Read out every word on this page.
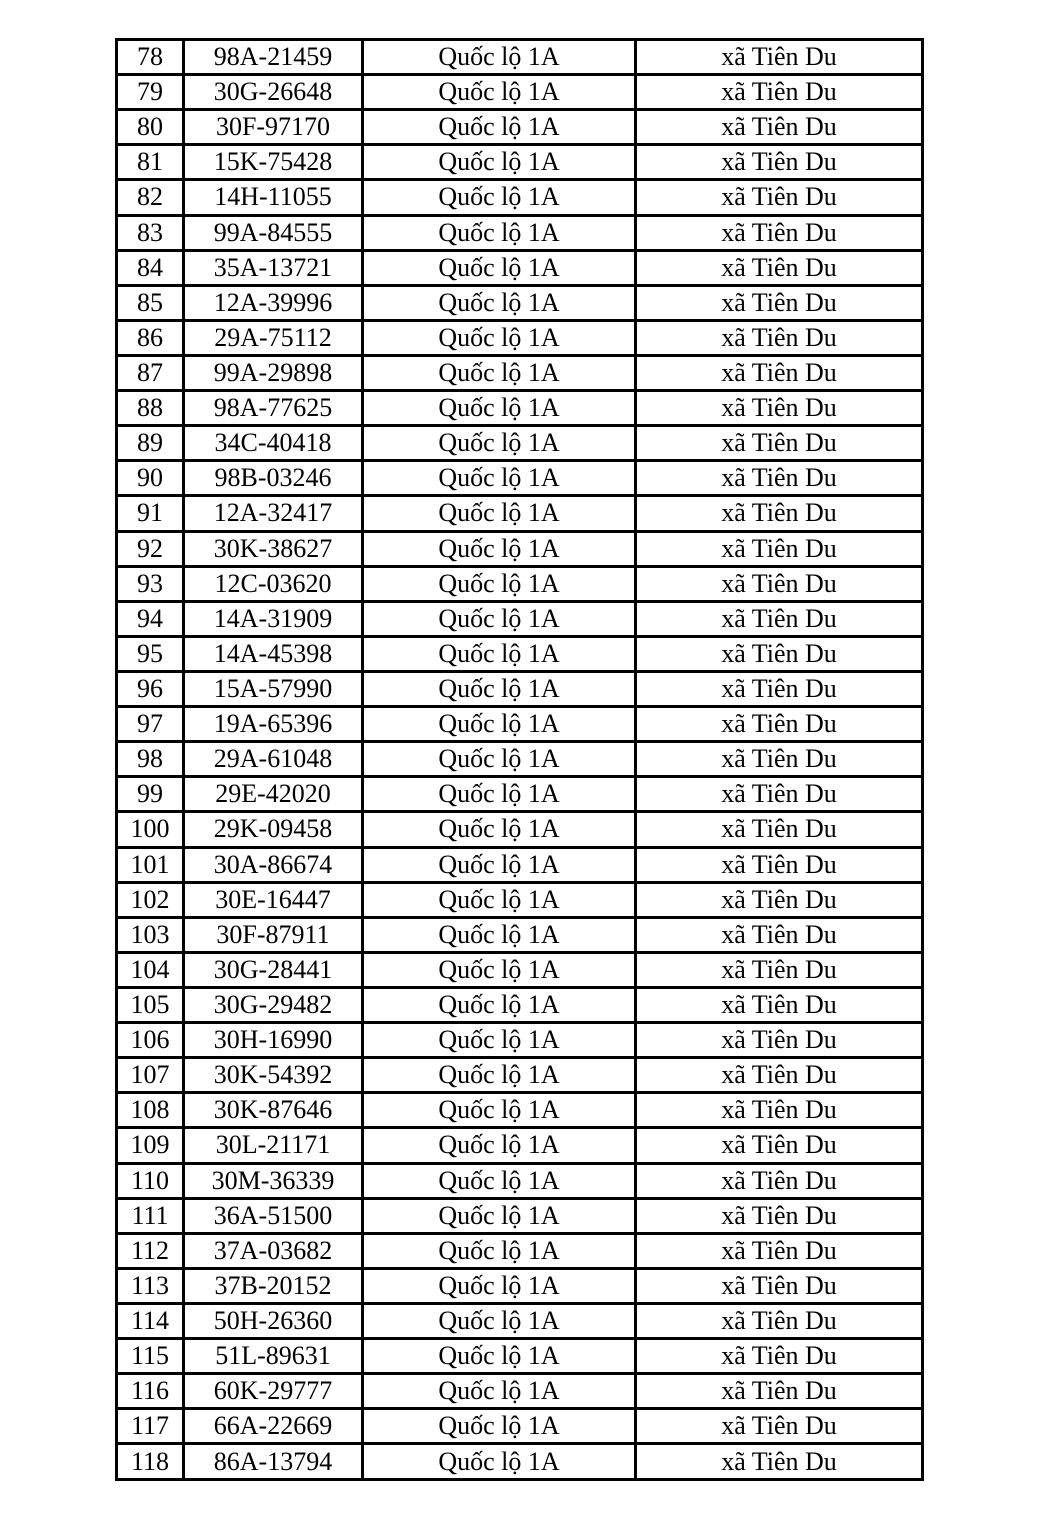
78	98A-21459	Quốc lộ 1A	xã Tiên Du
79	30G-26648	Quốc lộ 1A	xã Tiên Du
80	30F-97170	Quốc lộ 1A	xã Tiên Du
81	15K-75428	Quốc lộ 1A	xã Tiên Du
82	14H-11055	Quốc lộ 1A	xã Tiên Du
83	99A-84555	Quốc lộ 1A	xã Tiên Du
84	35A-13721	Quốc lộ 1A	xã Tiên Du
85	12A-39996	Quốc lộ 1A	xã Tiên Du
86	29A-75112	Quốc lộ 1A	xã Tiên Du
87	99A-29898	Quốc lộ 1A	xã Tiên Du
88	98A-77625	Quốc lộ 1A	xã Tiên Du
89	34C-40418	Quốc lộ 1A	xã Tiên Du
90	98B-03246	Quốc lộ 1A	xã Tiên Du
91	12A-32417	Quốc lộ 1A	xã Tiên Du
92	30K-38627	Quốc lộ 1A	xã Tiên Du
93	12C-03620	Quốc lộ 1A	xã Tiên Du
94	14A-31909	Quốc lộ 1A	xã Tiên Du
95	14A-45398	Quốc lộ 1A	xã Tiên Du
96	15A-57990	Quốc lộ 1A	xã Tiên Du
97	19A-65396	Quốc lộ 1A	xã Tiên Du
98	29A-61048	Quốc lộ 1A	xã Tiên Du
99	29E-42020	Quốc lộ 1A	xã Tiên Du
100	29K-09458	Quốc lộ 1A	xã Tiên Du
101	30A-86674	Quốc lộ 1A	xã Tiên Du
102	30E-16447	Quốc lộ 1A	xã Tiên Du
103	30F-87911	Quốc lộ 1A	xã Tiên Du
104	30G-28441	Quốc lộ 1A	xã Tiên Du
105	30G-29482	Quốc lộ 1A	xã Tiên Du
106	30H-16990	Quốc lộ 1A	xã Tiên Du
107	30K-54392	Quốc lộ 1A	xã Tiên Du
108	30K-87646	Quốc lộ 1A	xã Tiên Du
109	30L-21171	Quốc lộ 1A	xã Tiên Du
110	30M-36339	Quốc lộ 1A	xã Tiên Du
111	36A-51500	Quốc lộ 1A	xã Tiên Du
112	37A-03682	Quốc lộ 1A	xã Tiên Du
113	37B-20152	Quốc lộ 1A	xã Tiên Du
114	50H-26360	Quốc lộ 1A	xã Tiên Du
115	51L-89631	Quốc lộ 1A	xã Tiên Du
116	60K-29777	Quốc lộ 1A	xã Tiên Du
117	66A-22669	Quốc lộ 1A	xã Tiên Du
118	86A-13794	Quốc lộ 1A	xã Tiên Du
